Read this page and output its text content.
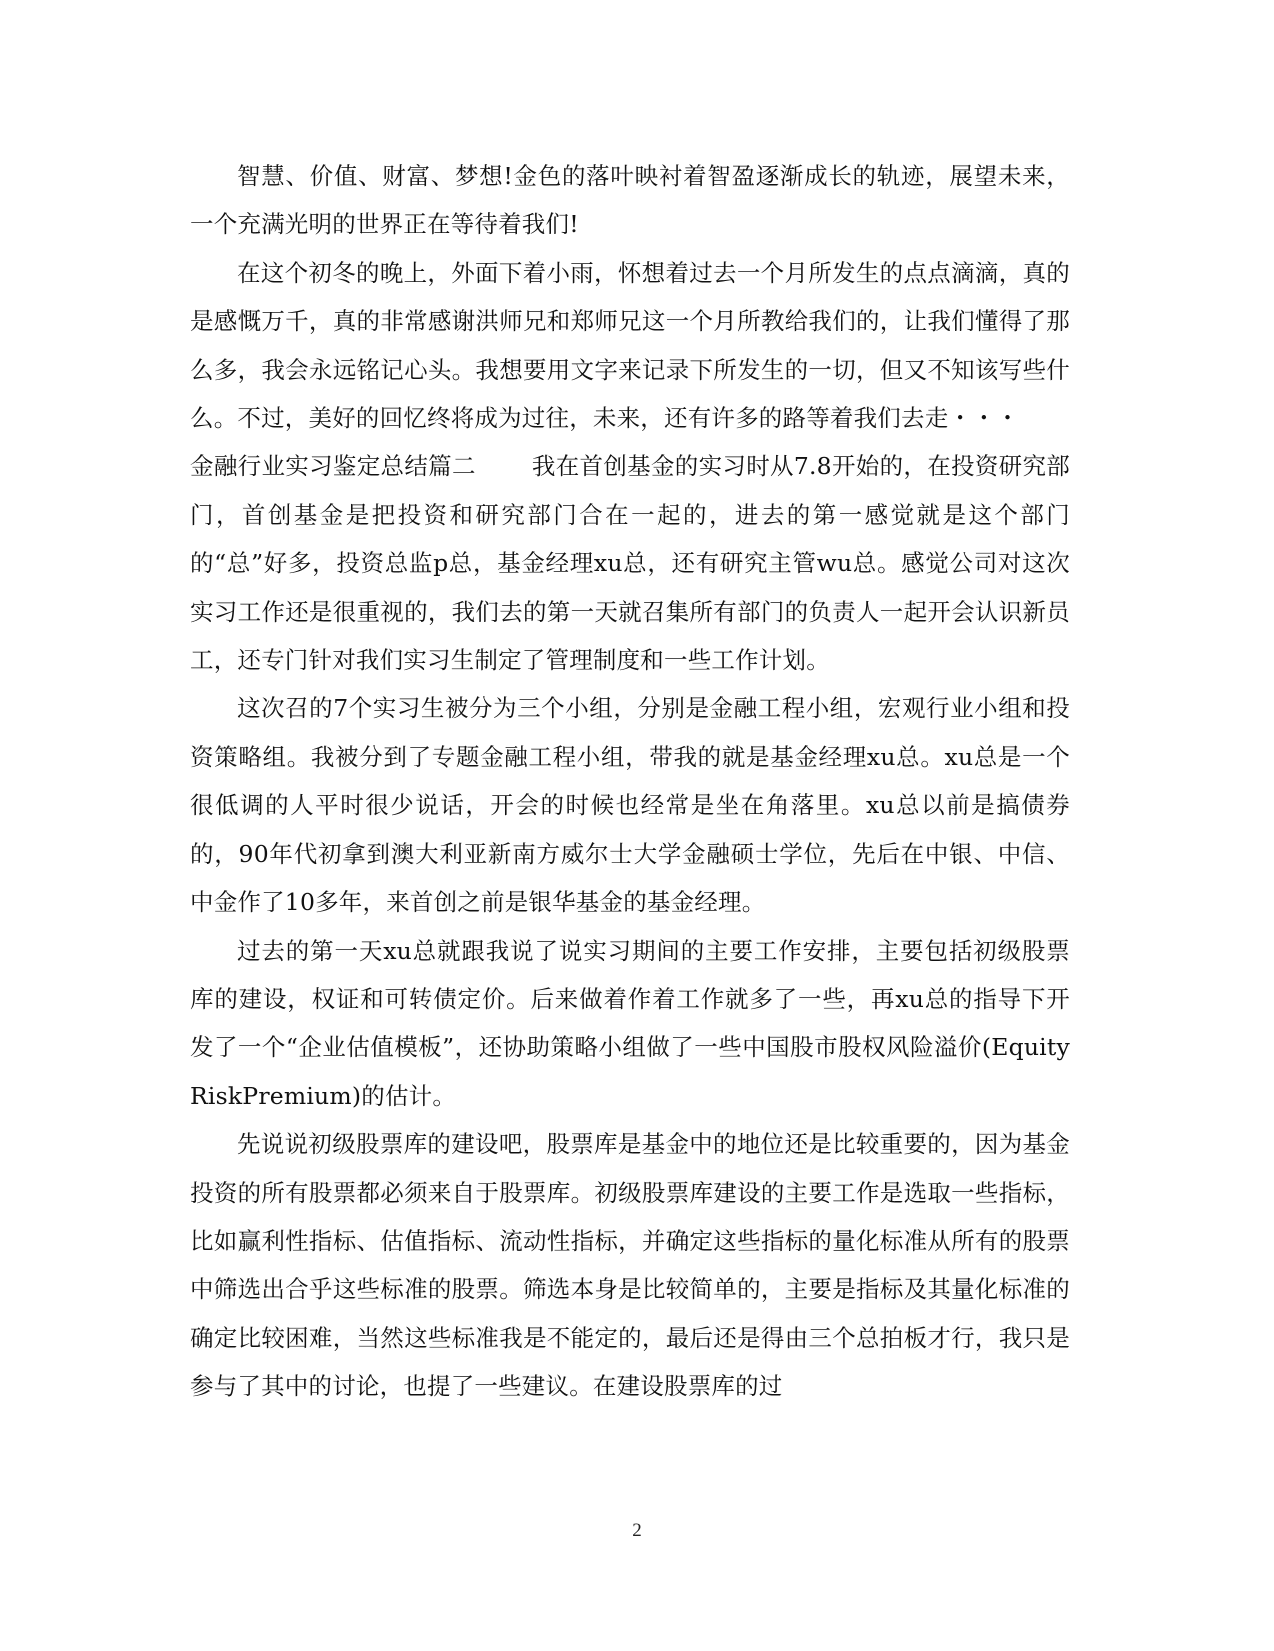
智慧、价值、财富、梦想!金色的落叶映衬着智盈逐渐成长的轨迹，展望未来，一个充满光明的世界正在等待着我们!

在这个初冬的晚上，外面下着小雨，怀想着过去一个月所发生的点点滴滴，真的是感慨万千，真的非常感谢洪师兄和郑师兄这一个月所教给我们的，让我们懂得了那么多，我会永远铭记心头。我想要用文字来记录下所发生的一切，但又不知该写些什么。不过，美好的回忆终将成为过往，未来，还有许多的路等着我们去走・・・

金融行业实习鉴定总结篇二 我在首创基金的实习时从7.8开始的，在投资研究部门，首创基金是把投资和研究部门合在一起的，进去的第一感觉就是这个部门的“总”好多，投资总监p总，基金经理xu总，还有研究主管wu总。感觉公司对这次实习工作还是很重视的，我们去的第一天就召集所有部门的负责人一起开会认识新员工，还专门针对我们实习生制定了管理制度和一些工作计划。

这次召的7个实习生被分为三个小组，分别是金融工程小组，宏观行业小组和投资策略组。我被分到了专题金融工程小组，带我的就是基金经理xu总。xu总是一个很低调的人平时很少说话，开会的时候也经常是坐在角落里。xu总以前是搞债券的，90年代初拿到澳大利亚新南方威尔士大学金融硕士学位，先后在中银、中信、中金作了10多年，来首创之前是银华基金的基金经理。

过去的第一天xu总就跟我说了说实习期间的主要工作安排，主要包括初级股票库的建设，权证和可转债定价。后来做着作着工作就多了一些，再xu总的指导下开发了一个“企业估值模板”，还协助策略小组做了一些中国股市股权风险溢价(EquityRiskPremium)的估计。

先说说初级股票库的建设吧，股票库是基金中的地位还是比较重要的，因为基金投资的所有股票都必须来自于股票库。初级股票库建设的主要工作是选取一些指标，比如赢利性指标、估值指标、流动性指标，并确定这些指标的量化标准从所有的股票中筛选出合乎这些标准的股票。筛选本身是比较简单的，主要是指标及其量化标准的确定比较困难，当然这些标准我是不能定的，最后还是得由三个总拍板才行，我只是参与了其中的讨论，也提了一些建议。在建设股票库的过

2
